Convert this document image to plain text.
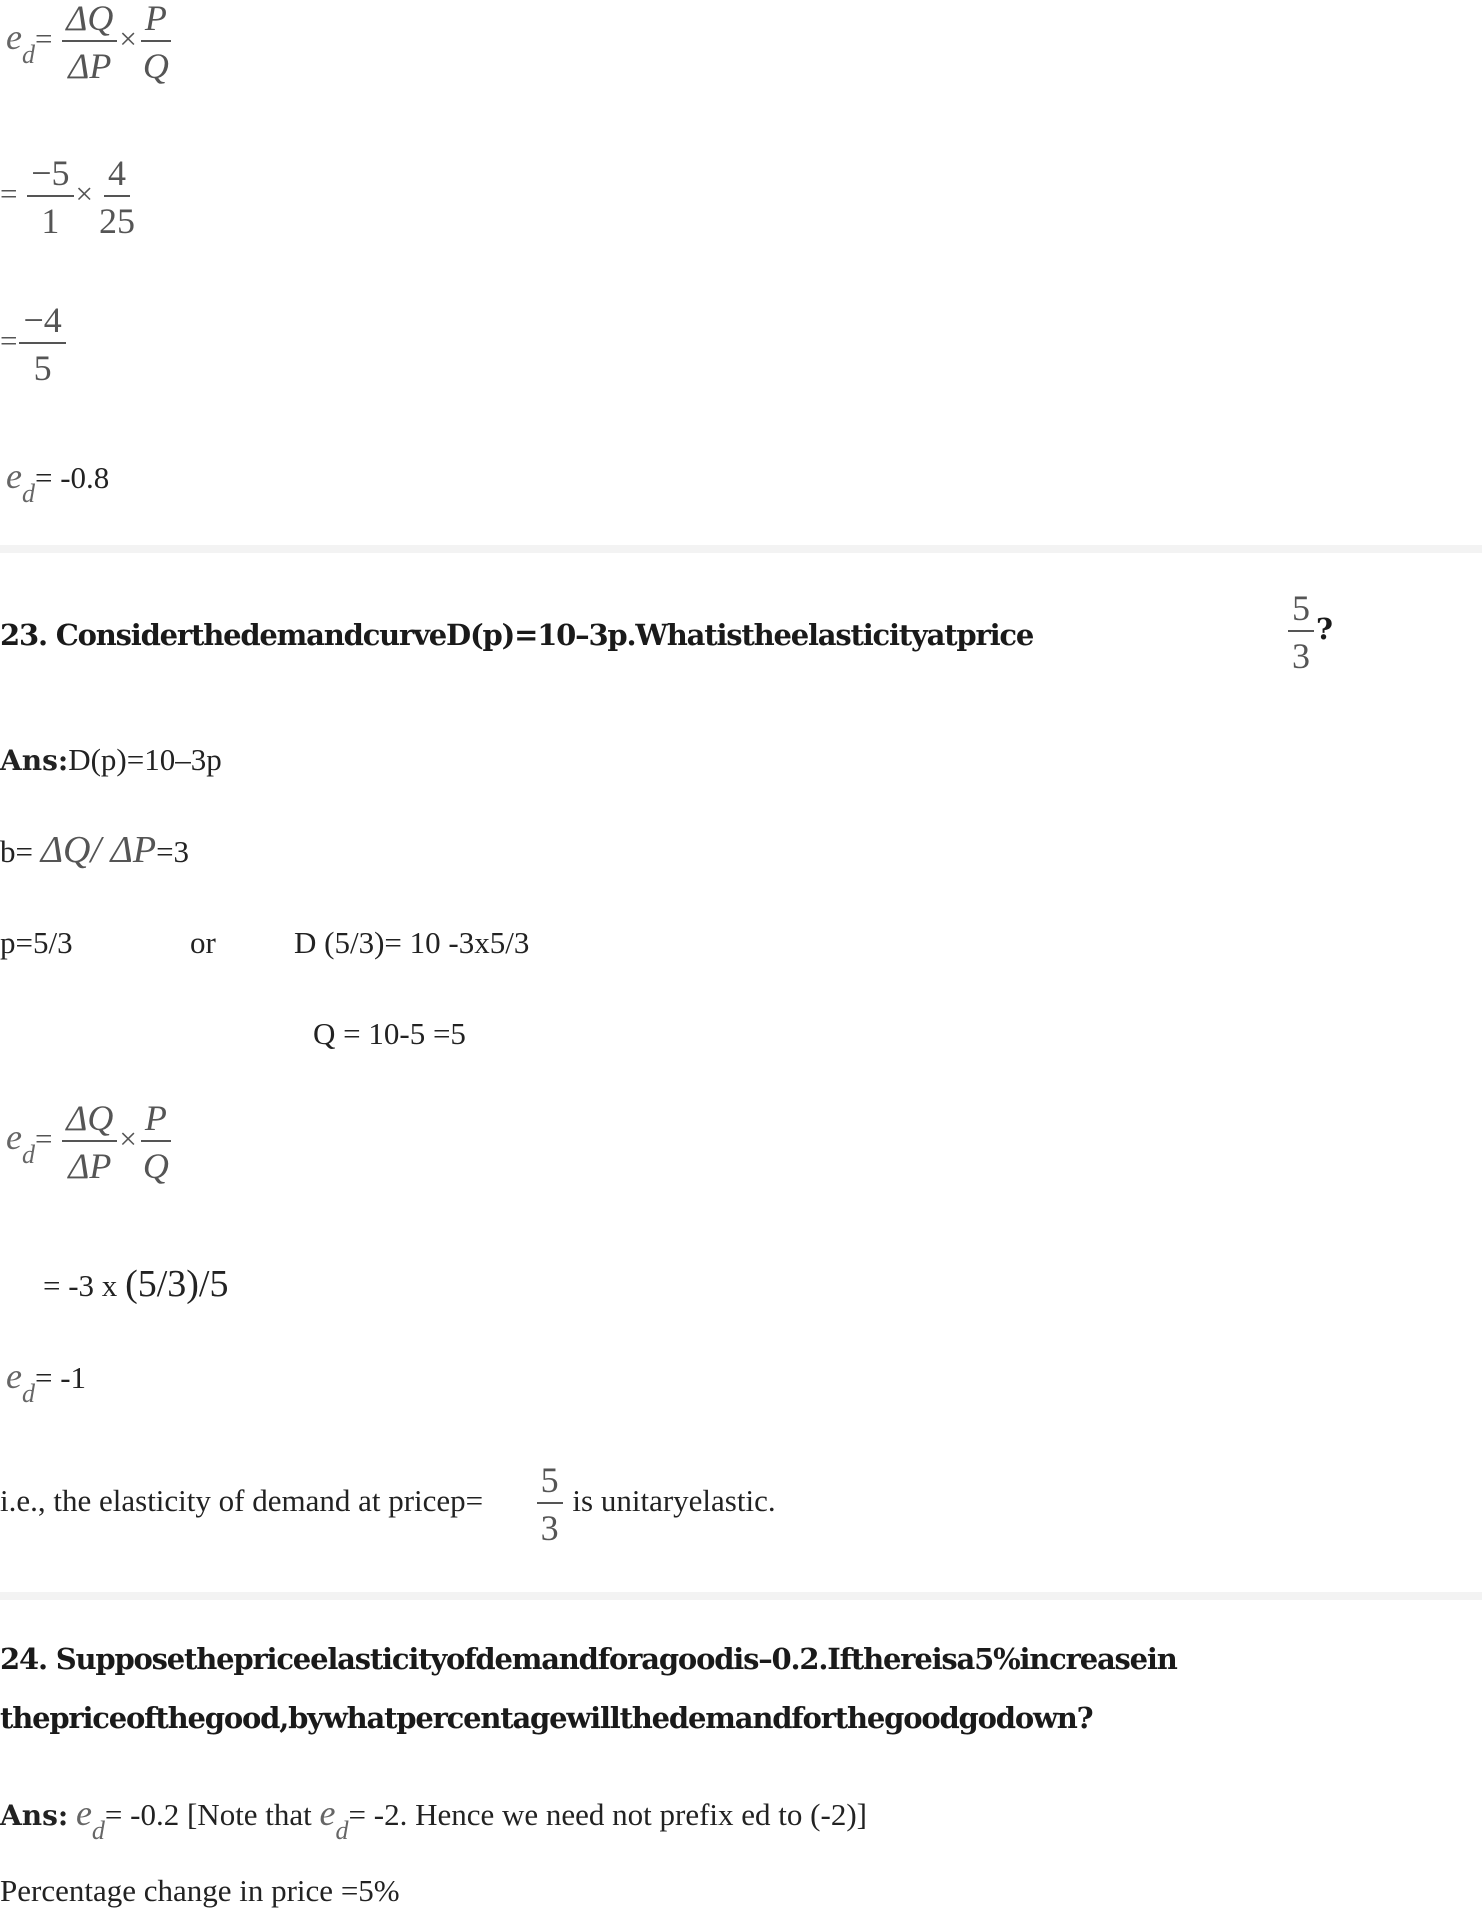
$e_d= \frac{\Delta Q}{\Delta P} \times \frac{P}{Q}$
= $\frac{-5}{1} \times \frac{4}{25}$
= $\frac{-4}{5}$
$e_d= -0.8$
23. ConsiderthedemandcurveD(p)=10–3p.Whatistheelasticityatprice	$\frac{5}{3}$ ?
Ans:D(p)=10–3p
b= ΔQ/ ΔP=3
p=5/3	or	D (5/3)= 10 -3x5/3
Q = 10-5 =5
$e_d= \frac{\Delta Q}{\Delta P} \times \frac{P}{Q}$
= -3 x (5/3)/5
$e_d= -1$
i.e., the elasticity of demand at pricep= $\frac{5}{3}$ is unitaryelastic.
24. Supposethepriceelasticityofdemandforagoodis–0.2.Ifthereisa5%increasein
thepriceofthegood,bywhatpercentagewillthedemandforthegoodgodown?
Ans: $e_d= -0.2$ [Note that $e_d= -2$. Hence we need not prefix ed to (-2)]
Percentage change in price =5%
